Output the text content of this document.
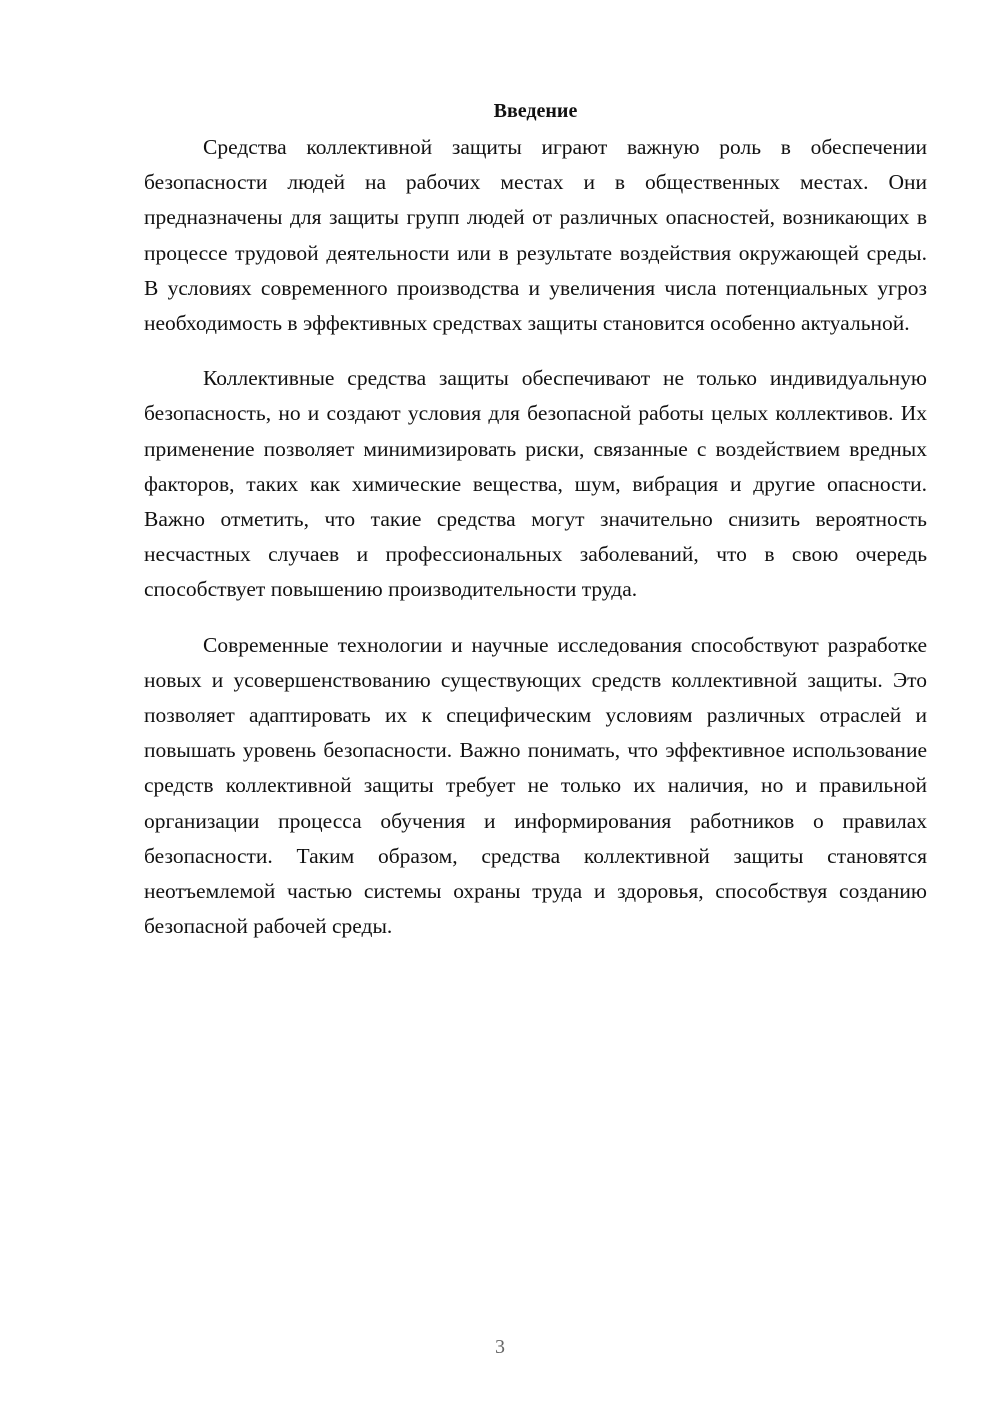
Введение

Средства коллективной защиты играют важную роль в обеспечении безопасности людей на рабочих местах и в общественных местах. Они предназначены для защиты групп людей от различных опасностей, возникающих в процессе трудовой деятельности или в результате воздействия окружающей среды. В условиях современного производства и увеличения числа потенциальных угроз необходимость в эффективных средствах защиты становится особенно актуальной.

Коллективные средства защиты обеспечивают не только индивидуальную безопасность, но и создают условия для безопасной работы целых коллективов. Их применение позволяет минимизировать риски, связанные с воздействием вредных факторов, таких как химические вещества, шум, вибрация и другие опасности. Важно отметить, что такие средства могут значительно снизить вероятность несчастных случаев и профессиональных заболеваний, что в свою очередь способствует повышению производительности труда.

Современные технологии и научные исследования способствуют разработке новых и усовершенствованию существующих средств коллективной защиты. Это позволяет адаптировать их к специфическим условиям различных отраслей и повышать уровень безопасности. Важно понимать, что эффективное использование средств коллективной защиты требует не только их наличия, но и правильной организации процесса обучения и информирования работников о правилах безопасности. Таким образом, средства коллективной защиты становятся неотъемлемой частью системы охраны труда и здоровья, способствуя созданию безопасной рабочей среды.

3
